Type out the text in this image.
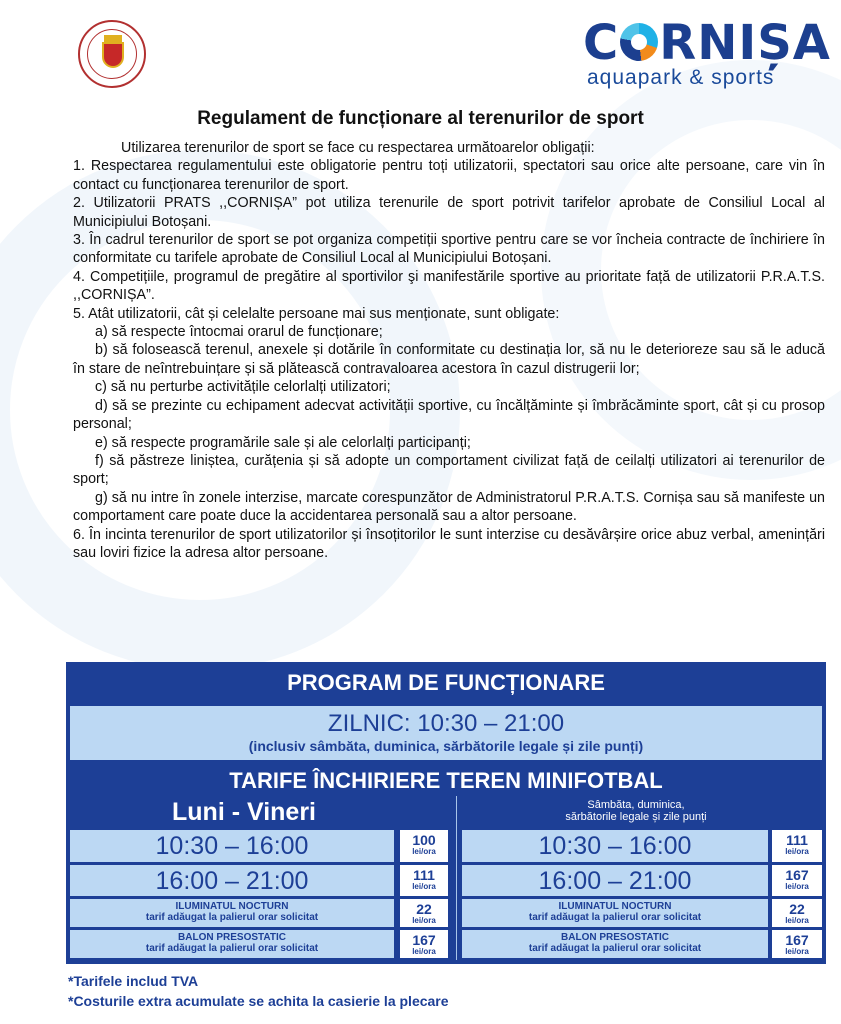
C RNIȘA
aquapark & sports
Regulament de funcționare al terenurilor de sport

Utilizarea terenurilor de sport se face cu respectarea următoarelor obligații:

1. Respectarea regulamentului este obligatorie pentru toți utilizatorii, spectatori sau orice alte persoane, care vin în contact cu funcționarea terenurilor de sport.

2. Utilizatorii PRATS ,,CORNIȘA” pot utiliza terenurile de sport potrivit tarifelor aprobate de Consiliul Local al Municipiului Botoșani.

3. În cadrul terenurilor de sport se pot organiza competiții sportive pentru care se vor încheia contracte de închiriere în conformitate cu tarifele aprobate de Consiliul Local al Municipiului Botoșani.

4. Competițiile, programul de pregătire al sportivilor şi manifestările sportive au prioritate față de utilizatorii P.R.A.T.S. ,,CORNIȘA”.

5. Atât utilizatorii, cât și celelalte persoane mai sus menționate, sunt obligate:

a) să respecte întocmai orarul de funcționare;

b) să folosească terenul, anexele și dotările în conformitate cu destinația lor, să nu le deterioreze sau să le aducă în stare de neîntrebuințare și să plătească contravaloarea acestora în cazul distrugerii lor;

c) să nu perturbe activitățile celorlalți utilizatori;

d) să se prezinte cu echipament adecvat activității sportive, cu încălțăminte și îmbrăcăminte sport, cât și cu prosop personal;

e) să respecte programările sale și ale celorlalți participanți;

f) să păstreze liniștea, curățenia și să adopte un comportament civilizat față de ceilalți utilizatori ai terenurilor de sport;

g) să nu intre în zonele interzise, marcate corespunzător de Administratorul P.R.A.T.S. Cornișa sau să manifeste un comportament care poate duce la accidentarea personală sau a altor persoane.

6. În incinta terenurilor de sport utilizatorilor și însoțitorilor le sunt interzise cu desăvârșire orice abuz verbal, amenințări sau loviri fizice la adresa altor persoane.

PROGRAM DE FUNCȚIONARE
ZILNIC: 10:30 – 21:00
(inclusiv sâmbăta, duminica, sărbătorile legale și zile punți)
TARIFE ÎNCHIRIERE TEREN MINIFOTBAL
Luni - Vineri	Sâmbăta, duminica,
sărbătorile legale și zile punți
10:30 – 16:00	100
lei/ora
16:00 – 21:00	111
lei/ora
ILUMINATUL NOCTURN
tarif adăugat la palierul orar solicitat
22
lei/ora
BALON PRESOSTATIC
tarif adăugat la palierul orar solicitat
167
lei/ora
10:30 – 16:00	111
lei/ora
16:00 – 21:00	167
lei/ora
ILUMINATUL NOCTURN
tarif adăugat la palierul orar solicitat
22
lei/ora
BALON PRESOSTATIC
tarif adăugat la palierul orar solicitat
167
lei/ora
*Tarifele includ TVA
*Costurile extra acumulate se achita la casierie la plecare
